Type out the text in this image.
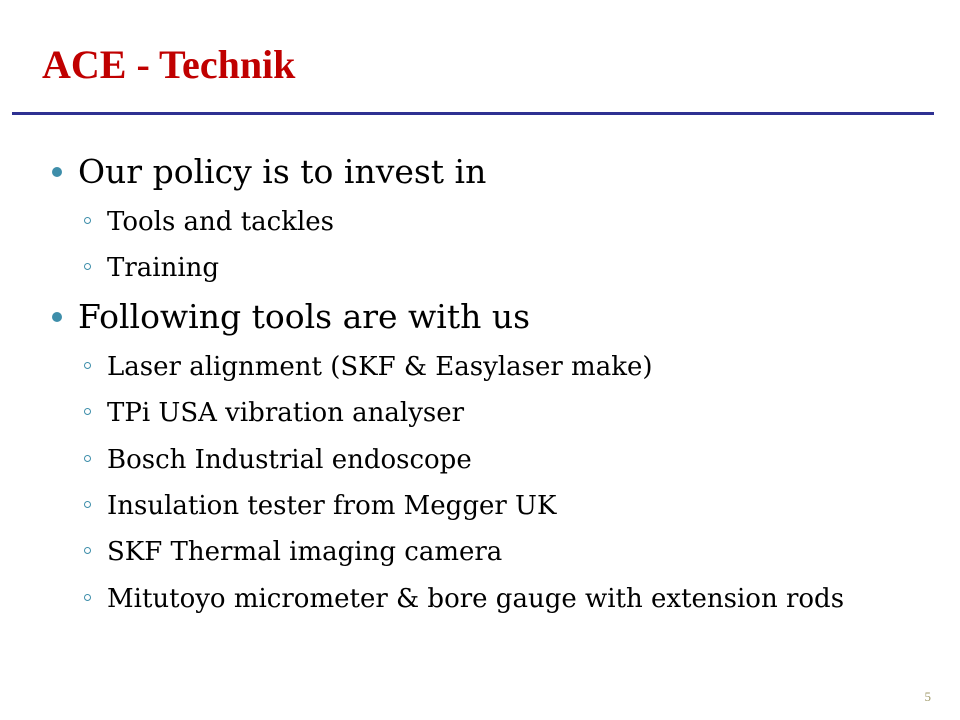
ACE - Technik
Our policy is to invest in
Tools and tackles
Training
Following tools are with us
Laser alignment (SKF & Easylaser make)
TPi USA vibration analyser
Bosch Industrial endoscope
Insulation tester from Megger UK
SKF Thermal imaging camera
Mitutoyo micrometer & bore gauge with extension rods
5
